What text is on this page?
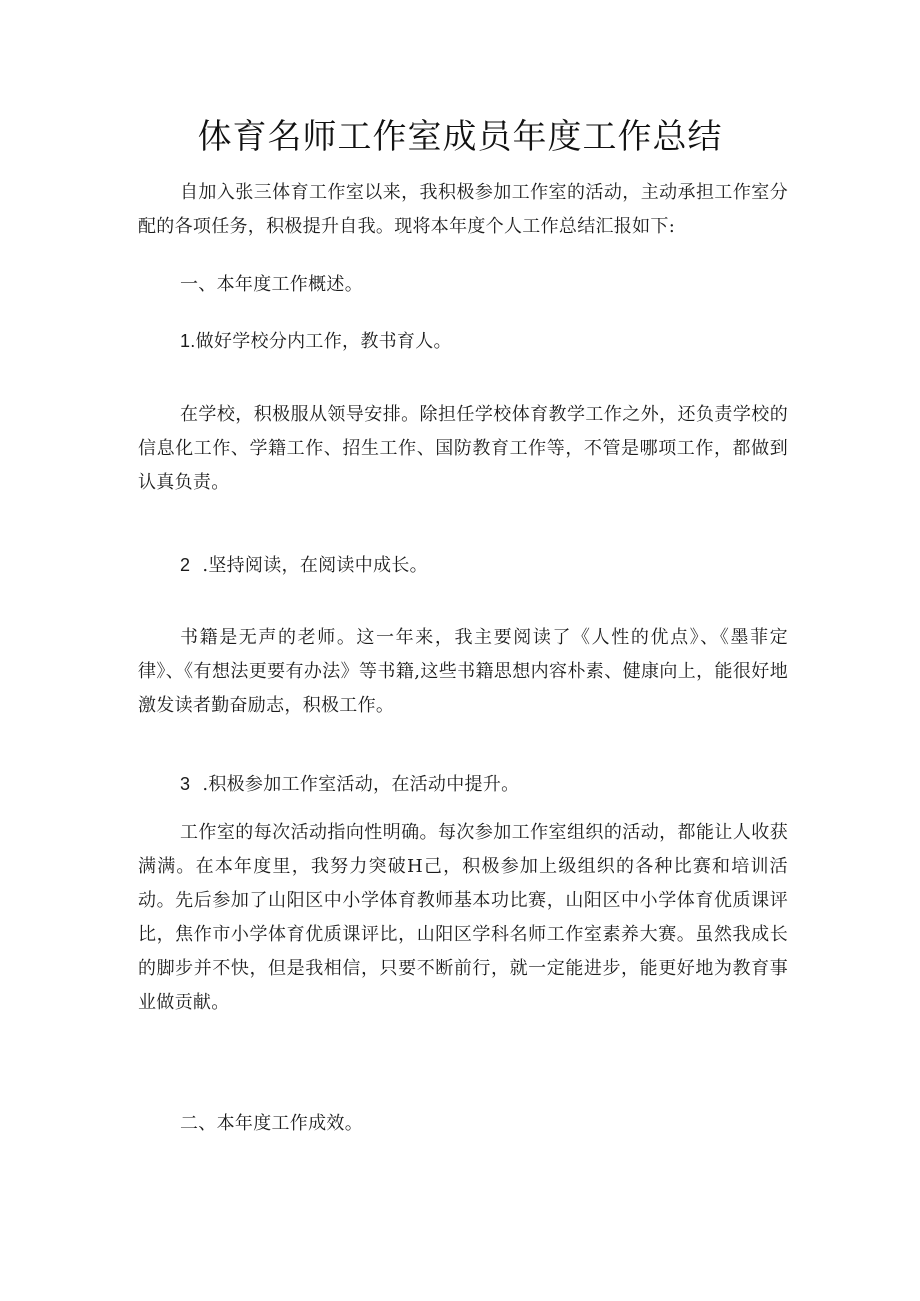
体育名师工作室成员年度工作总结

自加入张三体育工作室以来，我积极参加工作室的活动，主动承担工作室分配的各项任务，积极提升自我。现将本年度个人工作总结汇报如下:

一、本年度工作概述。
1.做好学校分内工作，教书育人。

在学校，积极服从领导安排。除担任学校体育教学工作之外，还负责学校的信息化工作、学籍工作、招生工作、国防教育工作等，不管是哪项工作，都做到认真负责。

2 .坚持阅读，在阅读中成长。

书籍是无声的老师。这一年来，我主要阅读了《人性的优点》、《墨菲定律》、《有想法更要有办法》等书籍,这些书籍思想内容朴素、健康向上，能很好地激发读者勤奋励志，积极工作。

3 .积极参加工作室活动，在活动中提升。

工作室的每次活动指向性明确。每次参加工作室组织的活动，都能让人收获满满。在本年度里，我努力突破H己，积极参加上级组织的各种比赛和培训活动。先后参加了山阳区中小学体育教师基本功比赛，山阳区中小学体育优质课评比，焦作市小学体育优质课评比，山阳区学科名师工作室素养大赛。虽然我成长的脚步并不快，但是我相信，只要不断前行，就一定能进步，能更好地为教育事业做贡献。

二、本年度工作成效。
